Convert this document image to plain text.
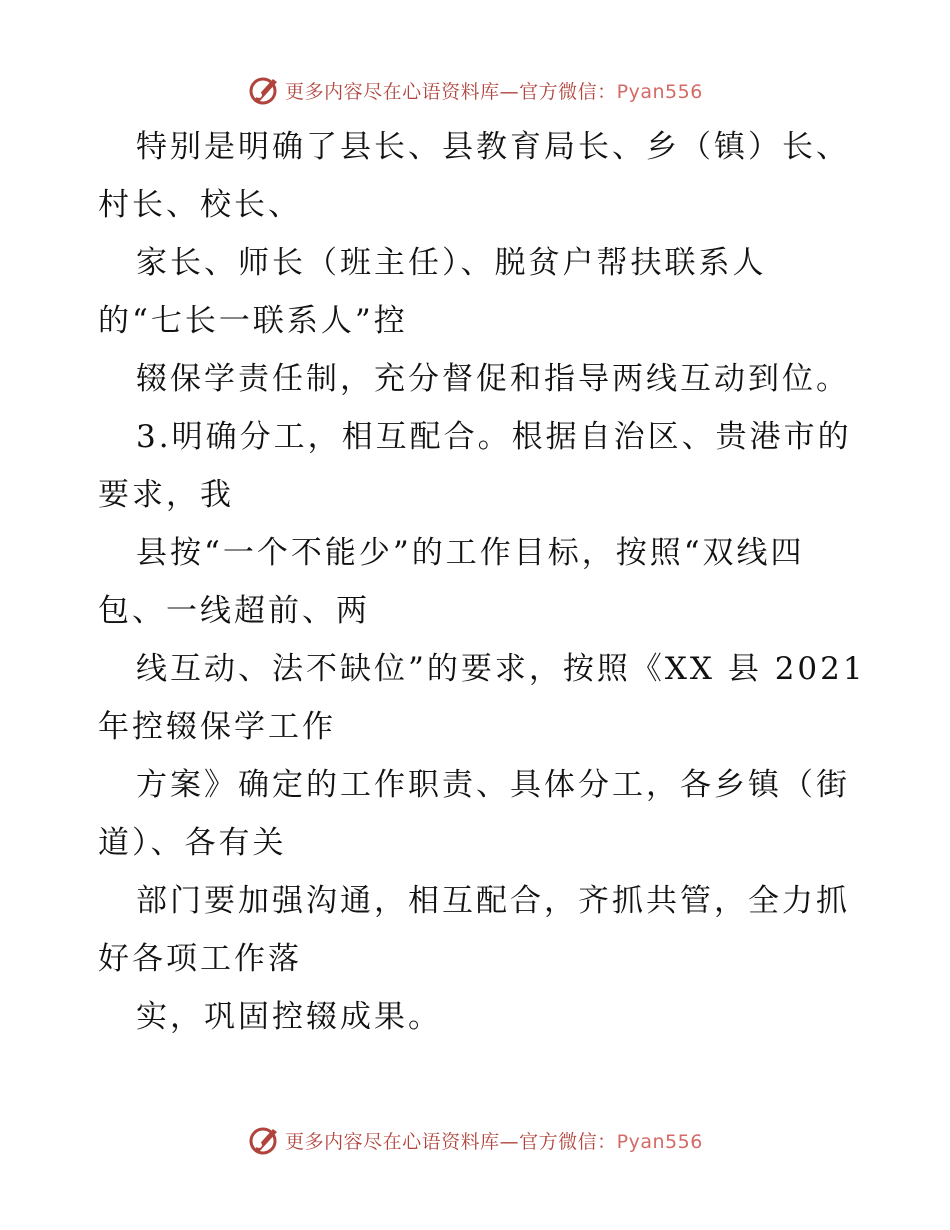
更多内容尽在心语资料库—官方微信：Pyan556
特别是明确了县长、县教育局长、乡（镇）长、
村长、校长、
家长、师长（班主任）、脱贫户帮扶联系人
的“七长一联系人”控
辍保学责任制，充分督促和指导两线互动到位。
3.明确分工，相互配合。根据自治区、贵港市的
要求，我
县按“一个不能少”的工作目标，按照“双线四
包、一线超前、两
线互动、法不缺位”的要求，按照《XX 县 2021
年控辍保学工作
方案》确定的工作职责、具体分工，各乡镇（街
道）、各有关
部门要加强沟通，相互配合，齐抓共管，全力抓
好各项工作落
实，巩固控辍成果。
更多内容尽在心语资料库—官方微信：Pyan556
